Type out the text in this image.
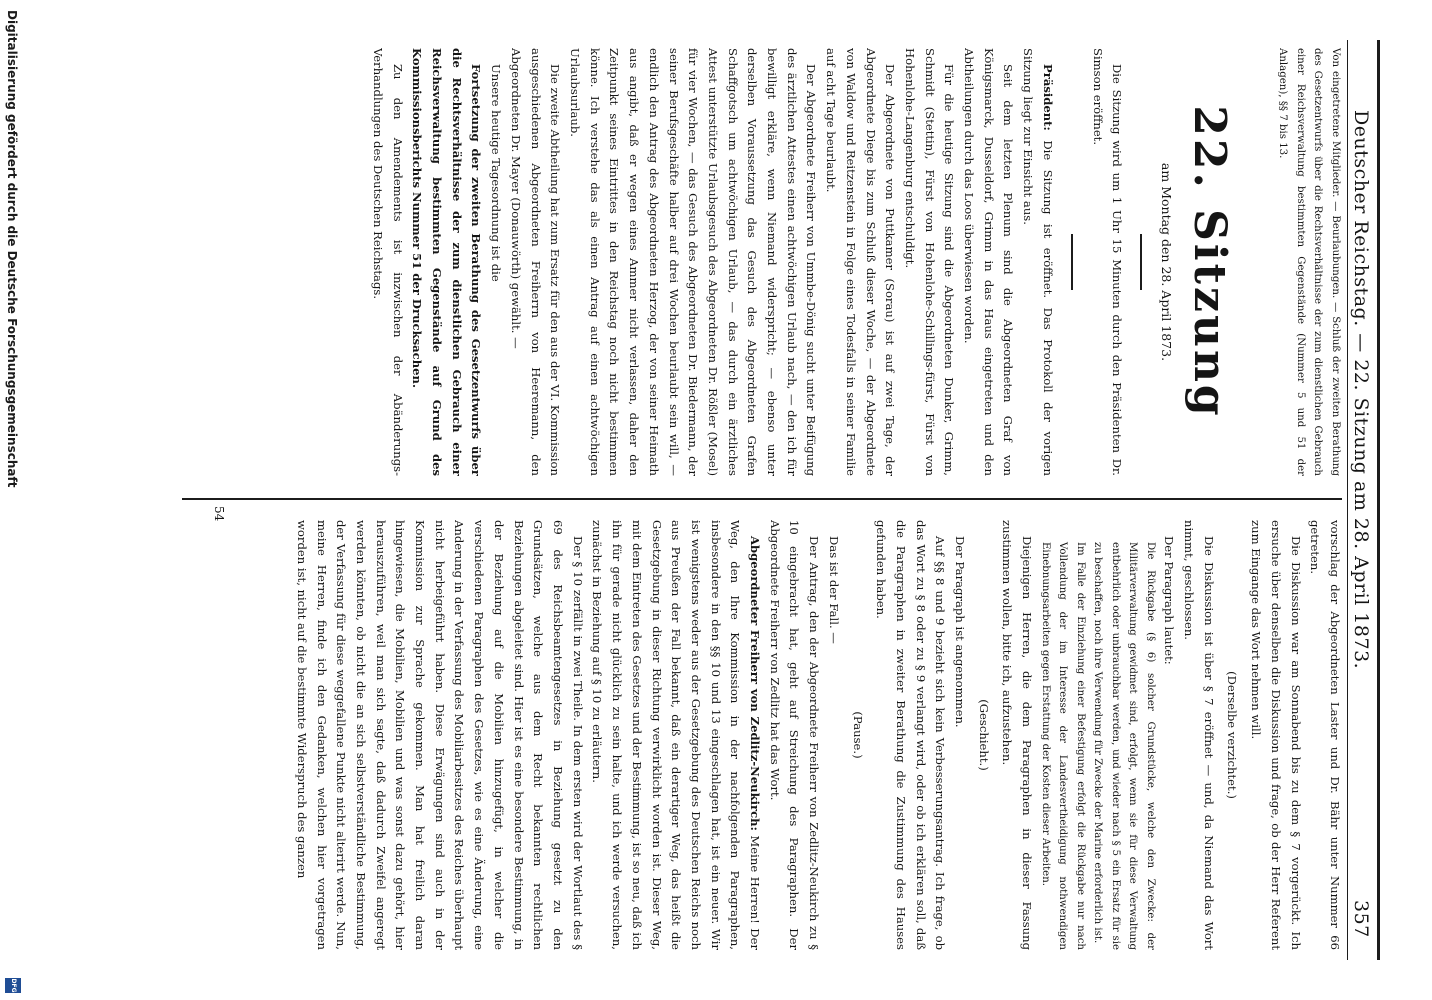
Deutscher Reichstag. — 22. Sitzung am 28. April 1873.
357

Von eingetretene Mitglieder. — Beurlaubungen. — Schluß der zweiten Berathung des Gesetzentwurfs über die Rechtsverhältnisse der zum dienstlichen Gebrauch einer Reichsverwaltung bestimmten Gegenstände (Nummer 5 und 51 der Anlagen), §§ 7 bis 13.

22. Sitzung
am Montag den 28. April 1873.

Die Sitzung wird um 1 Uhr 15 Minuten durch den Präsidenten Dr. Simson eröffnet.

Präsident: Die Sitzung ist eröffnet. Das Protokoll der vorigen Sitzung liegt zur Einsicht aus.

Seit dem letzten Plenum sind die Abgeordneten Graf von Königsmarck, Dusseldorf, Grimm in das Haus eingetreten und den Abtheilungen durch das Loos überwiesen worden.

Für die heutige Sitzung sind die Abgeordneten Dunker, Grimm, Schmidt (Stettin), Fürst von Hohenlohe-Schillings-fürst, Fürst von Hohenlohe-Langenburg entschuldigt.

Der Abgeordnete von Puttkamer (Sorau) ist auf zwei Tage, der Abgeordnete Diege bis zum Schluß dieser Woche, — der Abgeordnete von Waldow und Reitzenstein in Folge eines Todesfalls in seiner Familie auf acht Tage beurlaubt.

Der Abgeordnete Freiherr von Ummbe-Dönig sucht unter Beifügung des ärztlichen Attestes einen achtwöchigen Urlaub nach, — den ich für bewilligt erkläre, wenn Niemand widerspricht; — ebenso unter derselben Voraussetzung das Gesuch des Abgeordneten Grafen Schaffgotsch um achtwöchigen Urlaub, — das durch ein ärztliches Attest unterstützte Urlaubsgesuch des Abgeordneten Dr. Rößler (Mosel) für vier Wochen, — das Gesuch des Abgeordneten Dr. Biedermann, der seiner Berufsgeschäfte halber auf drei Wochen beurlaubt sein will, — endlich den Antrag des Abgeordneten Herzog, der von seiner Heimath aus angibt, daß er wegen eines Ammer nicht verlassen, daher den Zeitpunkt seines Eintrittes in den Reichstag noch nicht bestimmen könne. Ich verstehe das als einen Antrag auf einen achtwöchigen Urlaubsurlaub.

Die zweite Abtheilung hat zum Ersatz für den aus der VI. Kommission ausgeschiedenen Abgeordneten Freiherrn von Heeremann, den Abgeordneten Dr. Mayer (Donauwörth) gewählt. —

Unsere heutige Tagesordnung ist die

Fortsetzung der zweiten Berathung des Gesetzentwurfs über die Rechtsverhältnisse der zum dienstlichen Gebrauch einer Reichsverwaltung bestimmten Gegenstände auf Grund des Kommissionsberichts Nummer 51 der Drucksachen.

Zu den Amendements ist inzwischen der Abänderungs-Verhandlungen des Deutschen Reichstags.

vorschlag der Abgeordneten Laster und Dr. Bähr unter Nummer 66 getreten.

Die Diskussion war am Sonnabend bis zu dem § 7 vorgerückt. Ich ersuche über denselben die Diskussion und frage, ob der Herr Referent zum Eingange das Wort nehmen will.

(Derselbe verzichtet.)

Die Diskussion ist über § 7 eröffnet — und, da Niemand das Wort nimmt, geschlossen.

Der Paragraph lautet:

Die Rückgabe (§ 6) solcher Grundstücke, welche den Zwecke: der Militärverwaltung gewidmet sind, erfolgt, wenn sie für diese Verwaltung entbehrlich oder unbrauchbar werden, und wieder nach § 5 ein Ersatz für sie zu beschaffen, noch ihre Verwendung für Zwecke der Marine erforderlich ist.

Im Falle der Einziehung einer Befestigung erfolgt die Rückgabe nur nach Vollendung der im Interesse der Landesvertheidigung nothwendigen Einebnungsarbeiten gegen Erstattung der Kosten dieser Arbeiten.

Diejenigen Herren, die dem Paragraphen in dieser Fassung zustimmen wollen, bitte ich, aufzustehen.

(Geschieht.)

Der Paragraph ist angenommen.

Auf §§ 8 und 9 bezieht sich kein Verbesserungsantrag. Ich frage, ob das Wort zu § 8 oder zu § 9 verlangt wird, oder ob ich erklären soll, daß die Paragraphen in zweiter Berathung die Zustimmung des Hauses gefunden haben.

(Pause.)

Das ist der Fall. —

Der Antrag, den der Abgeordnete Freiherr von Zedlitz-Neukirch zu § 10 eingebracht hat, geht auf Streichung des Paragraphen. Der Abgeordnete Freiherr von Zedlitz hat das Wort.

Abgeordneter Freiherr von Zedlitz-Neukirch: Meine Herren! Der Weg, den Ihre Kommission in der nachfolgenden Paragraphen, insbesondere in den §§ 10 und 13 eingeschlagen hat, ist ein neuer. Wir ist wenigstens weder aus der Gesetzgebung des Deutschen Reichs noch aus Preußen der Fall bekannt, daß ein derartiger Weg, das heißt die Gesetzgebung in dieser Richtung verwirklicht worden ist. Dieser Weg, mit dem Eintreten des Gesetzes und der Bestimmung, ist so neu, daß ich ihn für gerade nicht glücklich zu sein halte, und ich werde versuchen, zunächst in Beziehung auf § 10 zu erläutern.

Der § 10 zerfällt in zwei Theile. In dem ersten wird der Wortlaut des § 69 des Reichsbeamtengesetzes in Beziehung gesetzt zu den Grundsätzen, welche aus dem Recht bekannten rechtlichen Beziehungen abgeleitet sind. Hier ist es eine besondere Bestimmung, in der Beziehung auf die Mobilien hinzugefügt, in welcher die verschiedenen Paragraphen des Gesetzes, wie es eine Änderung, eine Anderung in der Verfassung des Mobiliarbesitzes des Reiches überhaupt nicht herbeigeführt haben. Diese Erwägungen sind auch in der Kommission zur Sprache gekommen. Man hat freilich daran hingewiesen, die Mobilien, Mobilien und was sonst dazu gehört, hier herauszuführen, weil man sich sagte, daß dadurch Zweifel angeregt werden könnten, ob nicht die an sich selbstverständliche Bestimmung, der Verfassung für diese weggefallene Punkte nicht alterirt werde. Nun, meine Herren, finde ich den Gedanken, welchen hier vorgetragen worden ist, nicht auf die bestimmte Widerspruch des ganzen

54
Digitalisierung gefördert durch die Deutsche Forschungsgemeinschaft
DFG
